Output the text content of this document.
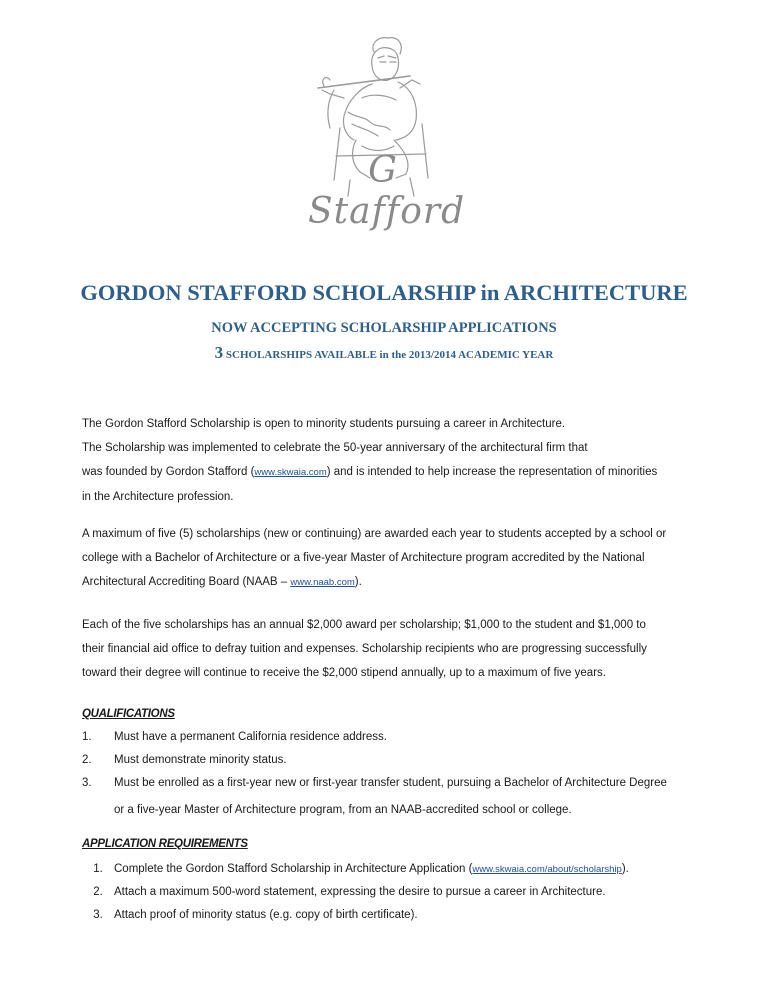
G Stafford
GORDON STAFFORD SCHOLARSHIP in ARCHITECTURE
NOW ACCEPTING SCHOLARSHIP APPLICATIONS
3 SCHOLARSHIPS AVAILABLE in the 2013/2014 ACADEMIC YEAR
The Gordon Stafford Scholarship is open to minority students pursuing a career in Architecture.
The Scholarship was implemented to celebrate the 50-year anniversary of the architectural firm that
was founded by Gordon Stafford (www.skwaia.com) and is intended to help increase the representation of minorities
in the Architecture profession.
A maximum of five (5) scholarships (new or continuing) are awarded each year to students accepted by a school or
college with a Bachelor of Architecture or a five-year Master of Architecture program accredited by the National
Architectural Accrediting Board (NAAB – www.naab.com).
Each of the five scholarships has an annual $2,000 award per scholarship; $1,000 to the student and $1,000 to
their financial aid office to defray tuition and expenses. Scholarship recipients who are progressing successfully
toward their degree will continue to receive the $2,000 stipend annually, up to a maximum of five years.
QUALIFICATIONS
1.	Must have a permanent California residence address.
2.	Must demonstrate minority status.
3.	Must be enrolled as a first-year new or first-year transfer student, pursuing a Bachelor of Architecture Degree
or a five-year Master of Architecture program, from an NAAB-accredited school or college.
APPLICATION REQUIREMENTS
1. Complete the Gordon Stafford Scholarship in Architecture Application (www.skwaia.com/about/scholarship).
2. Attach a maximum 500-word statement, expressing the desire to pursue a career in Architecture.
3. Attach proof of minority status (e.g. copy of birth certificate).
